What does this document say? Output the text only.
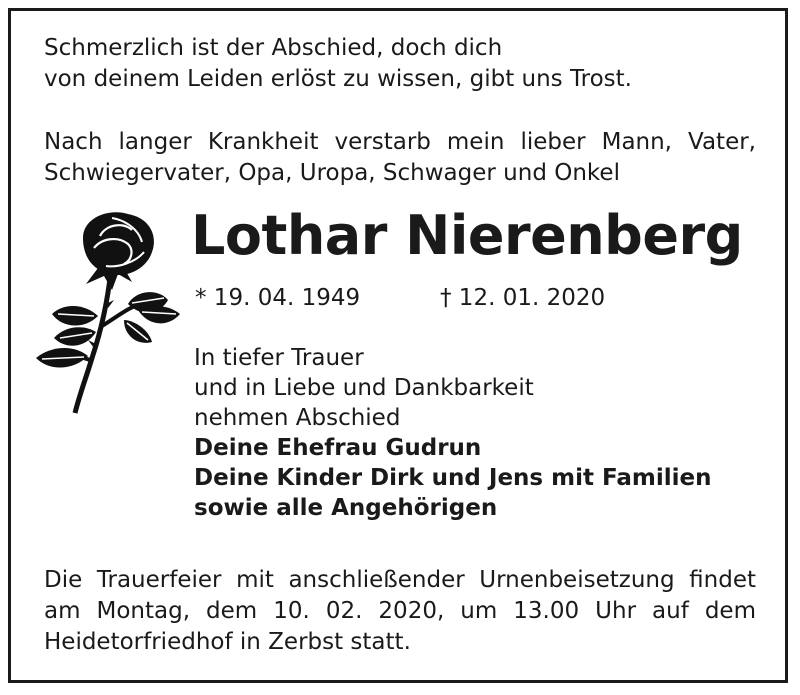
Schmerzlich ist der Abschied, doch dich
von deinem Leiden erlöst zu wissen, gibt uns Trost.
Nach langer Krankheit verstarb mein lieber Mann, Vater,
Schwiegervater, Opa, Uropa, Schwager und Onkel
Lothar Nierenberg
* 19. 04. 1949	† 12. 01. 2020
In tiefer Trauer
und in Liebe und Dankbarkeit
nehmen Abschied
Deine Ehefrau Gudrun
Deine Kinder Dirk und Jens mit Familien
sowie alle Angehörigen
Die Trauerfeier mit anschließender Urnenbeisetzung findet
am Montag, dem 10. 02. 2020, um 13.00 Uhr auf dem
Heidetorfriedhof in Zerbst statt.
